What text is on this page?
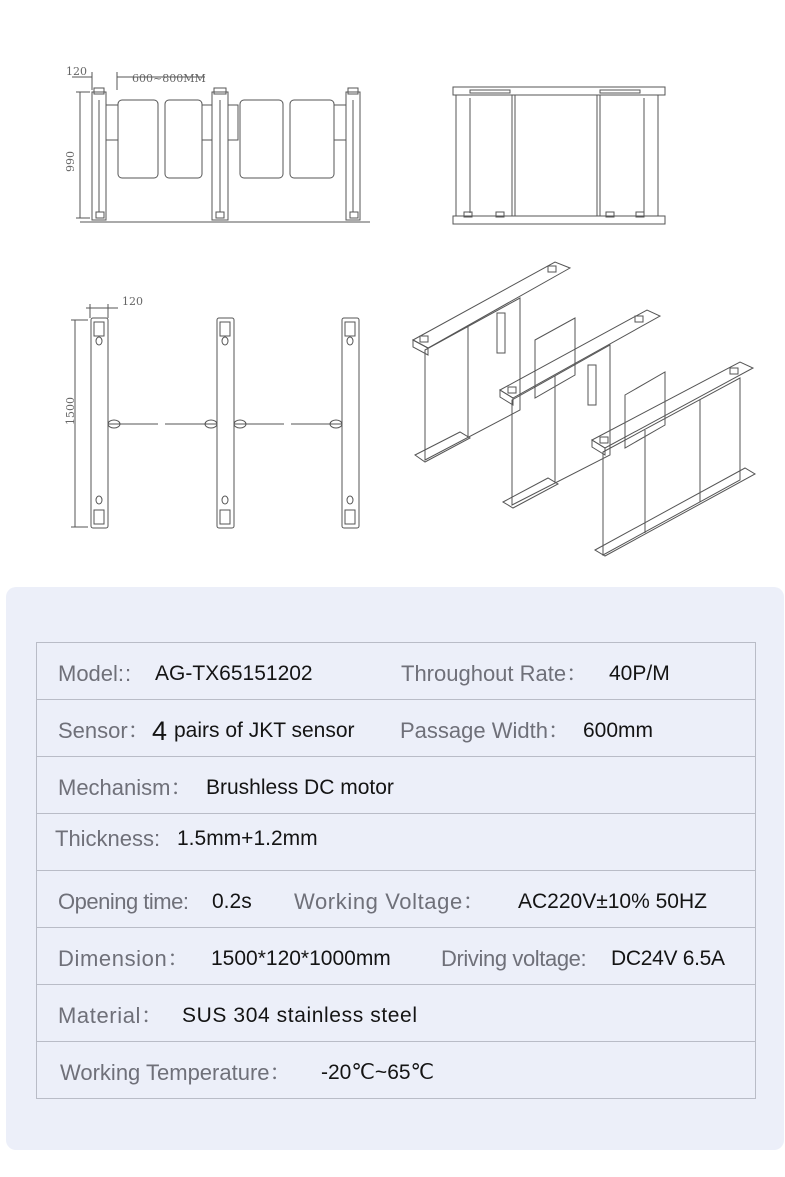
120
600~800MM
990
120
1500
Model: : AG-TX65151202	Throughout Rate： 40P/M
Sensor： 4 pairs of JKT sensor Passage Width： 600mm
Mechanism： Brushless DC motor
Thickness: 1.5mm+1.2mm
Opening time: 0.2s Working Voltage： AC220V±10% 50HZ
Dimension： 1500*120*1000mm Driving voltage: DC24V 6.5A
Material： SUS 304 stainless steel
Working Temperature： -20℃~65℃
